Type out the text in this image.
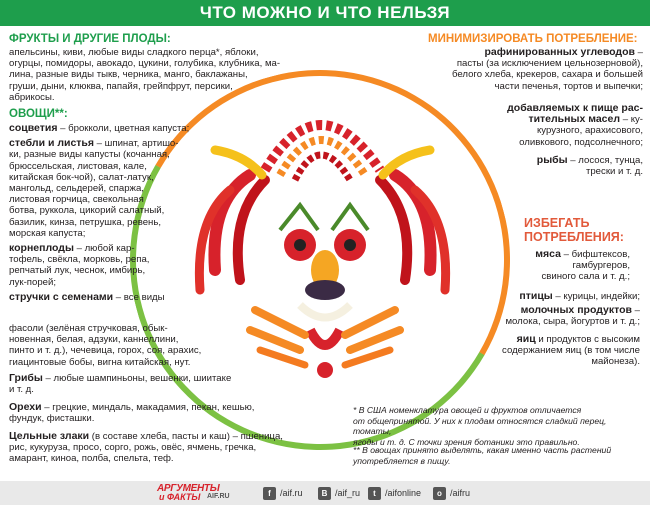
ЧТО МОЖНО И ЧТО НЕЛЬЗЯ
ФРУКТЫ И ДРУГИЕ ПЛОДЫ:
апельсины, киви, любые виды сладкого перца*, яблоки,
огурцы, помидоры, авокадо, цукини, голубика, клубника, ма-
лина, разные виды тыкв, черника, манго, баклажаны,
груши, дыни, клюква, папайя, грейпфрут, персики,
абрикосы.
ОВОЩИ**:
соцветия – брокколи, цветная капуста;
стебли и листья – шпинат, артишо-
ки, разные виды капусты (кочанная,
брюссельская, листовая, кале,
китайская бок-чой), салат-латук,
мангольд, сельдерей, спаржа,
листовая горчица, свекольная
ботва, руккола, цикорий салатный,
базилик, кинза, петрушка, ревень,
морская капуста;
корнеплоды – любой кар-
тофель, свёкла, морковь, репа,
репчатый лук, чеснок, имбирь,
лук-порей;
стручки с семенами – все виды
фасоли (зелёная стручковая, обык-
новенная, белая, адзуки, каннеллини,
пинто и т. д.), чечевица, горох, соя, арахис,
гиацинтовые бобы, вигна китайская, нут.
Грибы – любые шампиньоны, вешенки, шиитаке
и т. д.
Орехи – грецкие, миндаль, макадамия, пекан, кешью,
фундук, фисташки.
Цельные злаки (в составе хлеба, пасты и каш) – пшеница,
рис, кукуруза, просо, сорго, рожь, овёс, ячмень, гречка,
амарант, киноа, полба, спельта, теф.
МИНИМИЗИРОВАТЬ ПОТРЕБЛЕНИЕ:
рафинированных углеводов –
пасты (за исключением цельнозерновой),
белого хлеба, крекеров, сахара и большей
части печенья, тортов и выпечки;
добавляемых к пище рас-
тительных масел – ку-
курузного, арахисового,
оливкового, подсолнечного;
рыбы – лосося, тунца,
трески и т. д.
ИЗБЕГАТЬ
ПОТРЕБЛЕНИЯ:
мяса – бифштексов,
гамбургеров,
свиного сала и т. д.;
птицы – курицы, индейки;
молочных продуктов –
молока, сыра, йогуртов и т. д.;
яиц и продуктов с высоким
содержанием яиц (в том числе
майонеза).
* В США номенклатура овощей и фруктов отличается
от общепринятой. У них к плодам относятся сладкий перец, томаты,
ягоды и т. д. С точки зрения ботаники это правильно.
** В овощах принято выделять, какая именно часть растений
употребляется в пищу.
АРГУМЕНТЫ
и ФАКТЫ AIF.RU	f	/aif.ru	B /aif_ru	t	/aifonline	o /aifru
